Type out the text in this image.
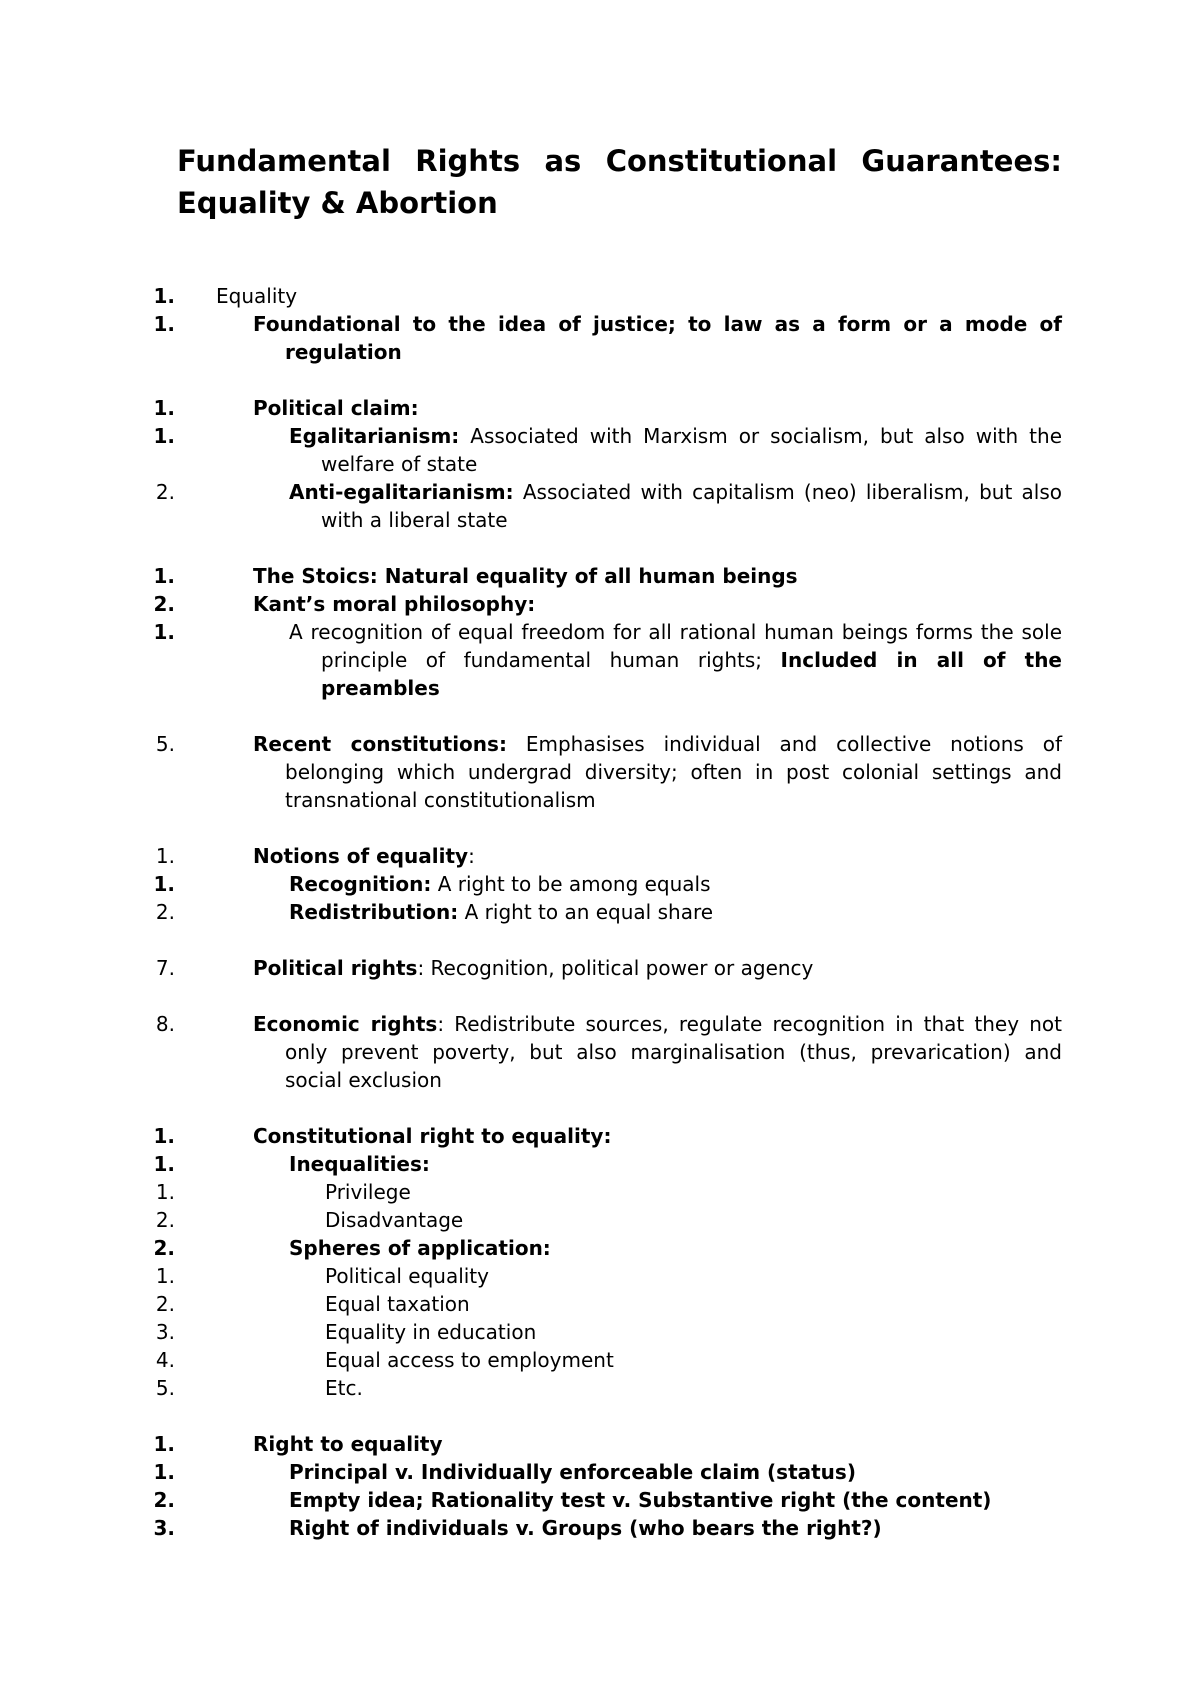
Fundamental Rights as Constitutional Guarantees:
Equality & Abortion
1. Equality
1.	Foundational to the idea of justice; to law as a form or a mode of regulation
1.	Political claim:
1.	Egalitarianism: Associated with Marxism or socialism, but also with the welfare of state
2.	Anti-egalitarianism: Associated with capitalism (neo) liberalism, but also with a liberal state
1.	The Stoics: Natural equality of all human beings
2.	Kant’s moral philosophy:
1.	A recognition of equal freedom for all rational human beings forms the sole principle of fundamental human rights; Included in all of the preambles
5.	Recent constitutions: Emphasises individual and collective notions of belonging which undergrad diversity; often in post colonial settings and transnational constitutionalism
1.	Notions of equality:
1.	Recognition: A right to be among equals
2.	Redistribution: A right to an equal share
7.	Political rights: Recognition, political power or agency
8.	Economic rights: Redistribute sources, regulate recognition in that they not only prevent poverty, but also marginalisation (thus, prevarication) and social exclusion
1.	Constitutional right to equality:
1.	Inequalities:
1.	Privilege
2.	Disadvantage
2.	Spheres of application:
1.	Political equality
2.	Equal taxation
3.	Equality in education
4.	Equal access to employment
5.	Etc.
1.	Right to equality
1.	Principal v. Individually enforceable claim (status)
2.	Empty idea; Rationality test v. Substantive right (the content)
3.	Right of individuals v. Groups (who bears the right?)
